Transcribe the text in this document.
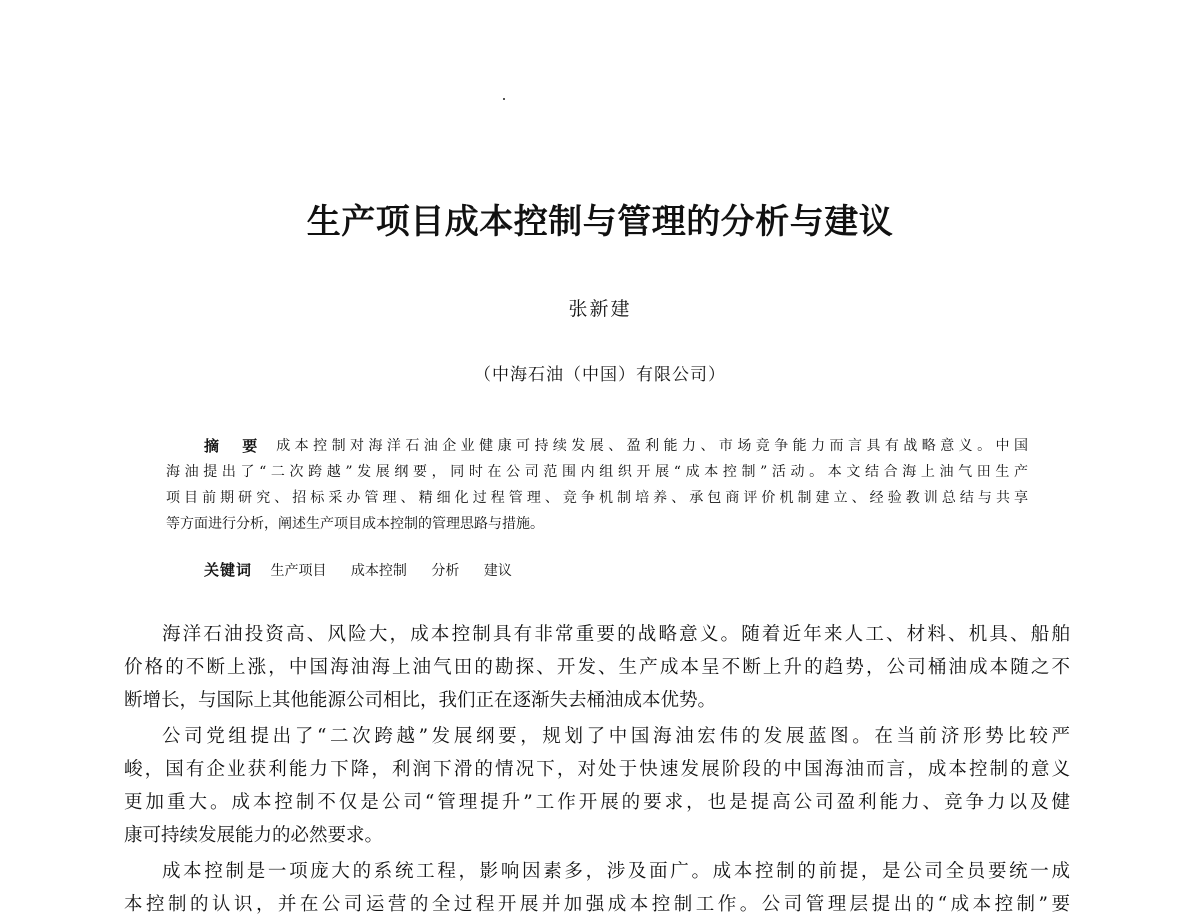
生产项目成本控制与管理的分析与建议
张新建
（中海石油（中国）有限公司）
摘 要 成本控制对海洋石油企业健康可持续发展、盈利能力、市场竞争能力而言具有战略意义。中国
海油提出了“二次跨越”发展纲要，同时在公司范围内组织开展“成本控制”活动。本文结合海上油气田生产
项目前期研究、招标采办管理、精细化过程管理、竞争机制培养、承包商评价机制建立、经验教训总结与共享
等方面进行分析，阐述生产项目成本控制的管理思路与措施。
关键词 生产项目 成本控制 分析 建议
海洋石油投资高、风险大，成本控制具有非常重要的战略意义。随着近年来人工、材料、机具、船舶
价格的不断上涨，中国海油海上油气田的勘探、开发、生产成本呈不断上升的趋势，公司桶油成本随之不
断增长，与国际上其他能源公司相比，我们正在逐渐失去桶油成本优势。
公司党组提出了“二次跨越”发展纲要，规划了中国海油宏伟的发展蓝图。在当前济形势比较严
峻，国有企业获利能力下降，利润下滑的情况下，对处于快速发展阶段的中国海油而言，成本控制的意义
更加重大。成本控制不仅是公司“管理提升”工作开展的要求，也是提高公司盈利能力、竞争力以及健
康可持续发展能力的必然要求。
成本控制是一项庞大的系统工程，影响因素多，涉及面广。成本控制的前提，是公司全员要统一成
本控制的认识，并在公司运营的全过程开展并加强成本控制工作。公司管理层提出的“成本控制”要
